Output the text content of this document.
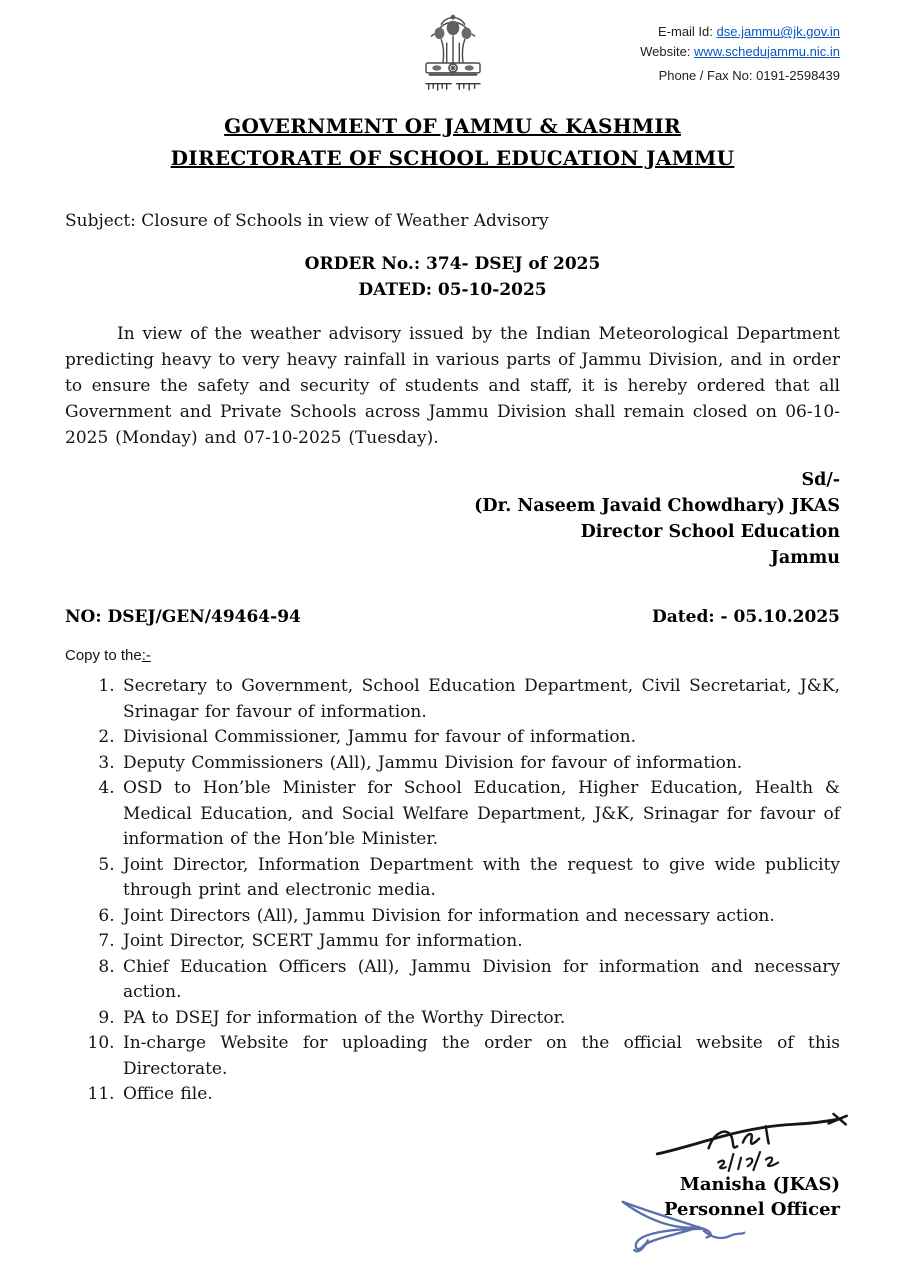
E-mail Id: dse.jammu@jk.gov.in
Website: www.schedujammu.nic.in
Phone / Fax No: 0191-2598439
GOVERNMENT OF JAMMU & KASHMIR
DIRECTORATE OF SCHOOL EDUCATION JAMMU
Subject: Closure of Schools in view of Weather Advisory
ORDER No.: 374- DSEJ of 2025
DATED: 05-10-2025

In view of the weather advisory issued by the Indian Meteorological Department predicting heavy to very heavy rainfall in various parts of Jammu Division, and in order to ensure the safety and security of students and staff, it is hereby ordered that all Government and Private Schools across Jammu Division shall remain closed on 06-10-2025 (Monday) and 07-10-2025 (Tuesday).

Sd/-
(Dr. Naseem Javaid Chowdhary) JKAS
Director School Education
Jammu
NO: DSEJ/GEN/49464-94	Dated: - 05.10.2025
Copy to the:-
1. Secretary to Government, School Education Department, Civil Secretariat, J&K, Srinagar for favour of information.
2. Divisional Commissioner, Jammu for favour of information.
3. Deputy Commissioners (All), Jammu Division for favour of information.
4. OSD to Hon’ble Minister for School Education, Higher Education, Health & Medical Education, and Social Welfare Department, J&K, Srinagar for favour of information of the Hon’ble Minister.
5. Joint Director, Information Department with the request to give wide publicity through print and electronic media.
6. Joint Directors (All), Jammu Division for information and necessary action.
7. Joint Director, SCERT Jammu for information.
8. Chief Education Officers (All), Jammu Division for information and necessary action.
9. PA to DSEJ for information of the Worthy Director.
10. In-charge Website for uploading the order on the official website of this Directorate.
11. Office file.
Manisha (JKAS)
Personnel Officer
